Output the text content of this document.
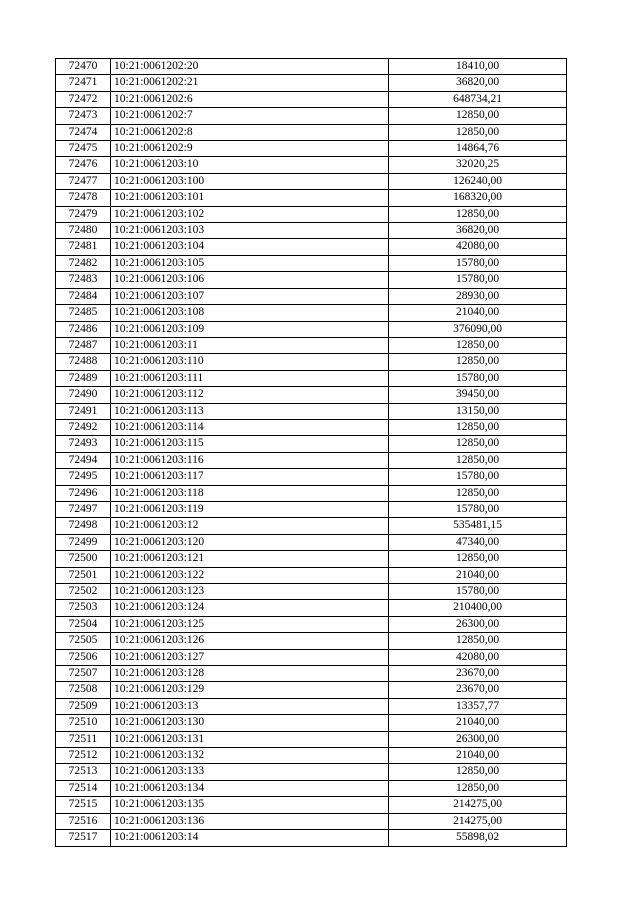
72470	10:21:0061202:20	18410,00
72471	10:21:0061202:21	36820,00
72472	10:21:0061202:6	648734,21
72473	10:21:0061202:7	12850,00
72474	10:21:0061202:8	12850,00
72475	10:21:0061202:9	14864,76
72476	10:21:0061203:10	32020,25
72477	10:21:0061203:100	126240,00
72478	10:21:0061203:101	168320,00
72479	10:21:0061203:102	12850,00
72480	10:21:0061203:103	36820,00
72481	10:21:0061203:104	42080,00
72482	10:21:0061203:105	15780,00
72483	10:21:0061203:106	15780,00
72484	10:21:0061203:107	28930,00
72485	10:21:0061203:108	21040,00
72486	10:21:0061203:109	376090,00
72487	10:21:0061203:11	12850,00
72488	10:21:0061203:110	12850,00
72489	10:21:0061203:111	15780,00
72490	10:21:0061203:112	39450,00
72491	10:21:0061203:113	13150,00
72492	10:21:0061203:114	12850,00
72493	10:21:0061203:115	12850,00
72494	10:21:0061203:116	12850,00
72495	10:21:0061203:117	15780,00
72496	10:21:0061203:118	12850,00
72497	10:21:0061203:119	15780,00
72498	10:21:0061203:12	535481,15
72499	10:21:0061203:120	47340,00
72500	10:21:0061203:121	12850,00
72501	10:21:0061203:122	21040,00
72502	10:21:0061203:123	15780,00
72503	10:21:0061203:124	210400,00
72504	10:21:0061203:125	26300,00
72505	10:21:0061203:126	12850,00
72506	10:21:0061203:127	42080,00
72507	10:21:0061203:128	23670,00
72508	10:21:0061203:129	23670,00
72509	10:21:0061203:13	13357,77
72510	10:21:0061203:130	21040,00
72511	10:21:0061203:131	26300,00
72512	10:21:0061203:132	21040,00
72513	10:21:0061203:133	12850,00
72514	10:21:0061203:134	12850,00
72515	10:21:0061203:135	214275,00
72516	10:21:0061203:136	214275,00
72517	10:21:0061203:14	55898,02
